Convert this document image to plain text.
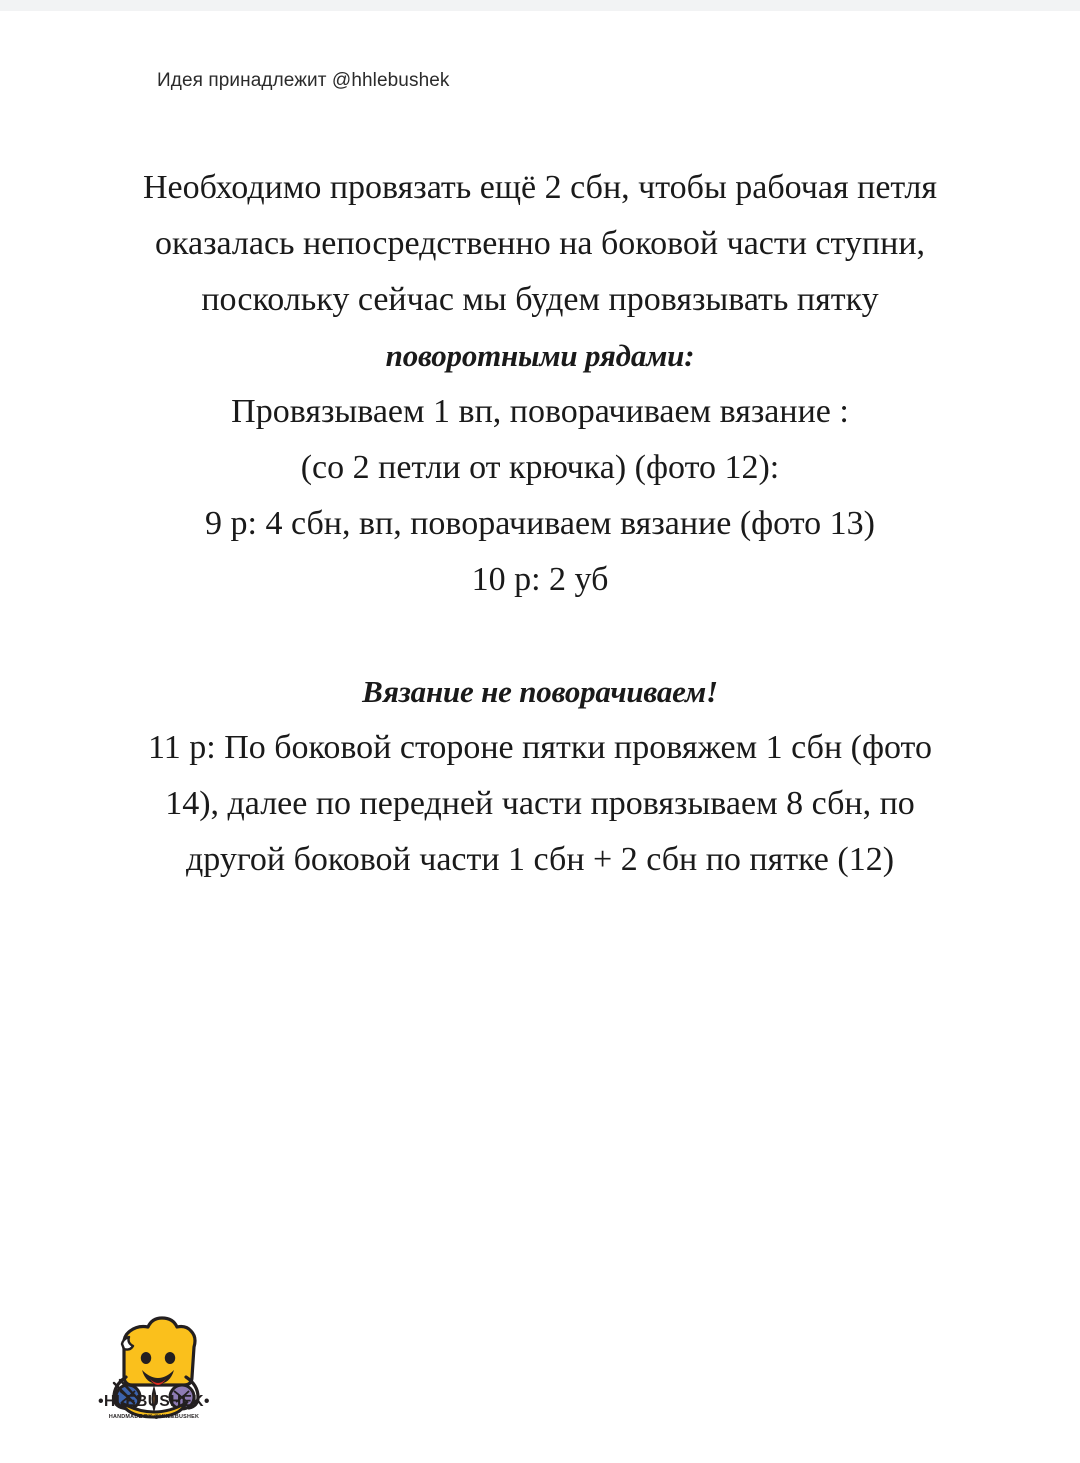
Идея принадлежит @hhlebushek
Необходимо провязать ещё 2 сбн, чтобы рабочая петля
оказалась непосредственно на боковой части ступни,
поскольку сейчас мы будем провязывать пятку
поворотными рядами:
Провязываем 1 вп, поворачиваем вязание :
(со 2 петли от крючка) (фото 12):
9 р: 4 сбн, вп, поворачиваем вязание (фото 13)
10 р: 2 уб
Вязание не поворачиваем!
11 р: По боковой стороне пятки провяжем 1 сбн (фото
14), далее по передней части провязываем 8 сбн, по
другой боковой части 1 сбн + 2 сбн по пятке (12)
•HLEBUSHEK•
HANDMADE BY @HHLEBUSHEK
